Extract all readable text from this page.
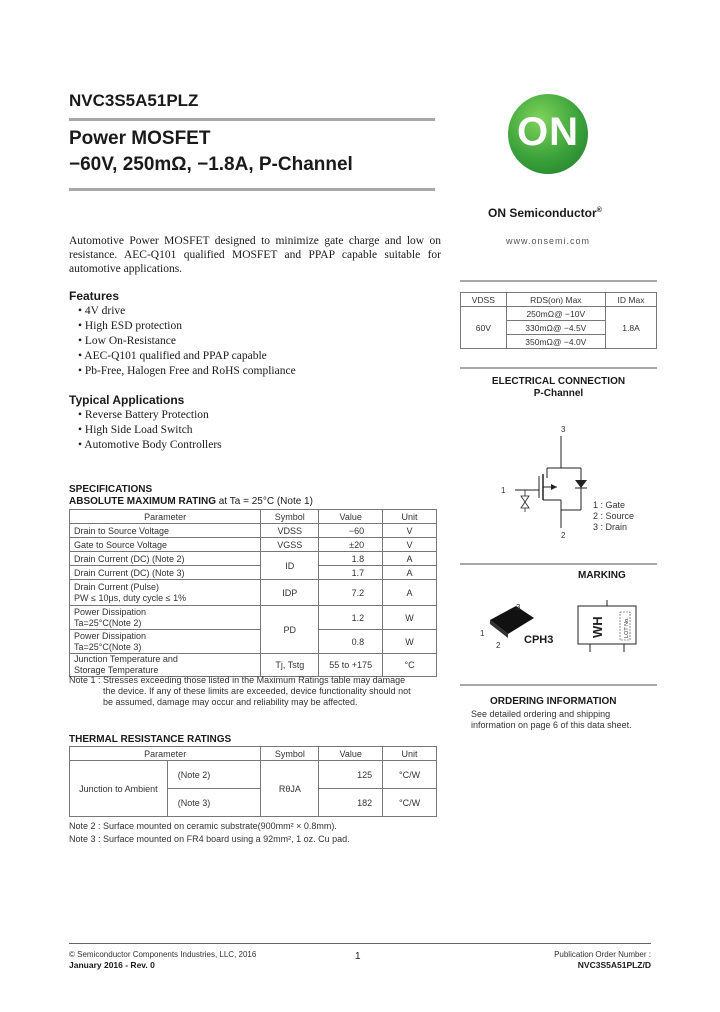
NVC3S5A51PLZ
Power MOSFET
−60V, 250mΩ, −1.8A, P-Channel
ON
ON Semiconductor®
www.onsemi.com
Automotive Power MOSFET designed to minimize gate charge and low on resistance. AEC-Q101 qualified MOSFET and PPAP capable suitable for automotive applications.
Features
• 4V drive
• High ESD protection
• Low On-Resistance
• AEC-Q101 qualified and PPAP capable
• Pb-Free, Halogen Free and RoHS compliance
Typical Applications
• Reverse Battery Protection
• High Side Load Switch
• Automotive Body Controllers
VDSS	RDS(on) Max	ID Max
60V	250mΩ@ −10V	1.8A
	330mΩ@ −4.5V	
	350mΩ@ −4.0V	
ELECTRICAL CONNECTION
P-Channel
3
1
2
1 : Gate
2 : Source
3 : Drain
MARKING
3
1
2 CPH3
WH	LOT No.
ORDERING INFORMATION
See detailed ordering and shipping information on page 6 of this data sheet.
SPECIFICATIONS
ABSOLUTE MAXIMUM RATING at Ta = 25°C (Note 1)
Parameter	Symbol	Value	Unit
Drain to Source Voltage	VDSS	−60	V
Gate to Source Voltage	VGSS	±20	V
Drain Current (DC) (Note 2)	ID	1.8	A
Drain Current (DC) (Note 3)		1.7	A

Drain Current (Pulse)
PW ≤ 10μs, duty cycle ≤ 1%	IDP	7.2	A

Power Dissipation
Ta=25°C(Note 2)	PD	1.2	W

Power Dissipation
Ta=25°C(Note 3)		0.8	W

Junction Temperature and
Storage Temperature	Tj, Tstg	55 to +175	°C
Note 1 : Stresses exceeding those listed in the Maximum Ratings table may damage
the device. If any of these limits are exceeded, device functionality should not
be assumed, damage may occur and reliability may be affected.
THERMAL RESISTANCE RATINGS
Parameter		Symbol	Value	Unit
Junction to Ambient	(Note 2)	RθJA	125	°C/W
	(Note 3)		182	°C/W
Note 2 : Surface mounted on ceramic substrate(900mm² × 0.8mm).
Note 3 : Surface mounted on FR4 board using a 92mm², 1 oz. Cu pad.
© Semiconductor Components Industries, LLC, 2016
January 2016 - Rev. 0
1	Publication Order Number :
NVC3S5A51PLZ/D
